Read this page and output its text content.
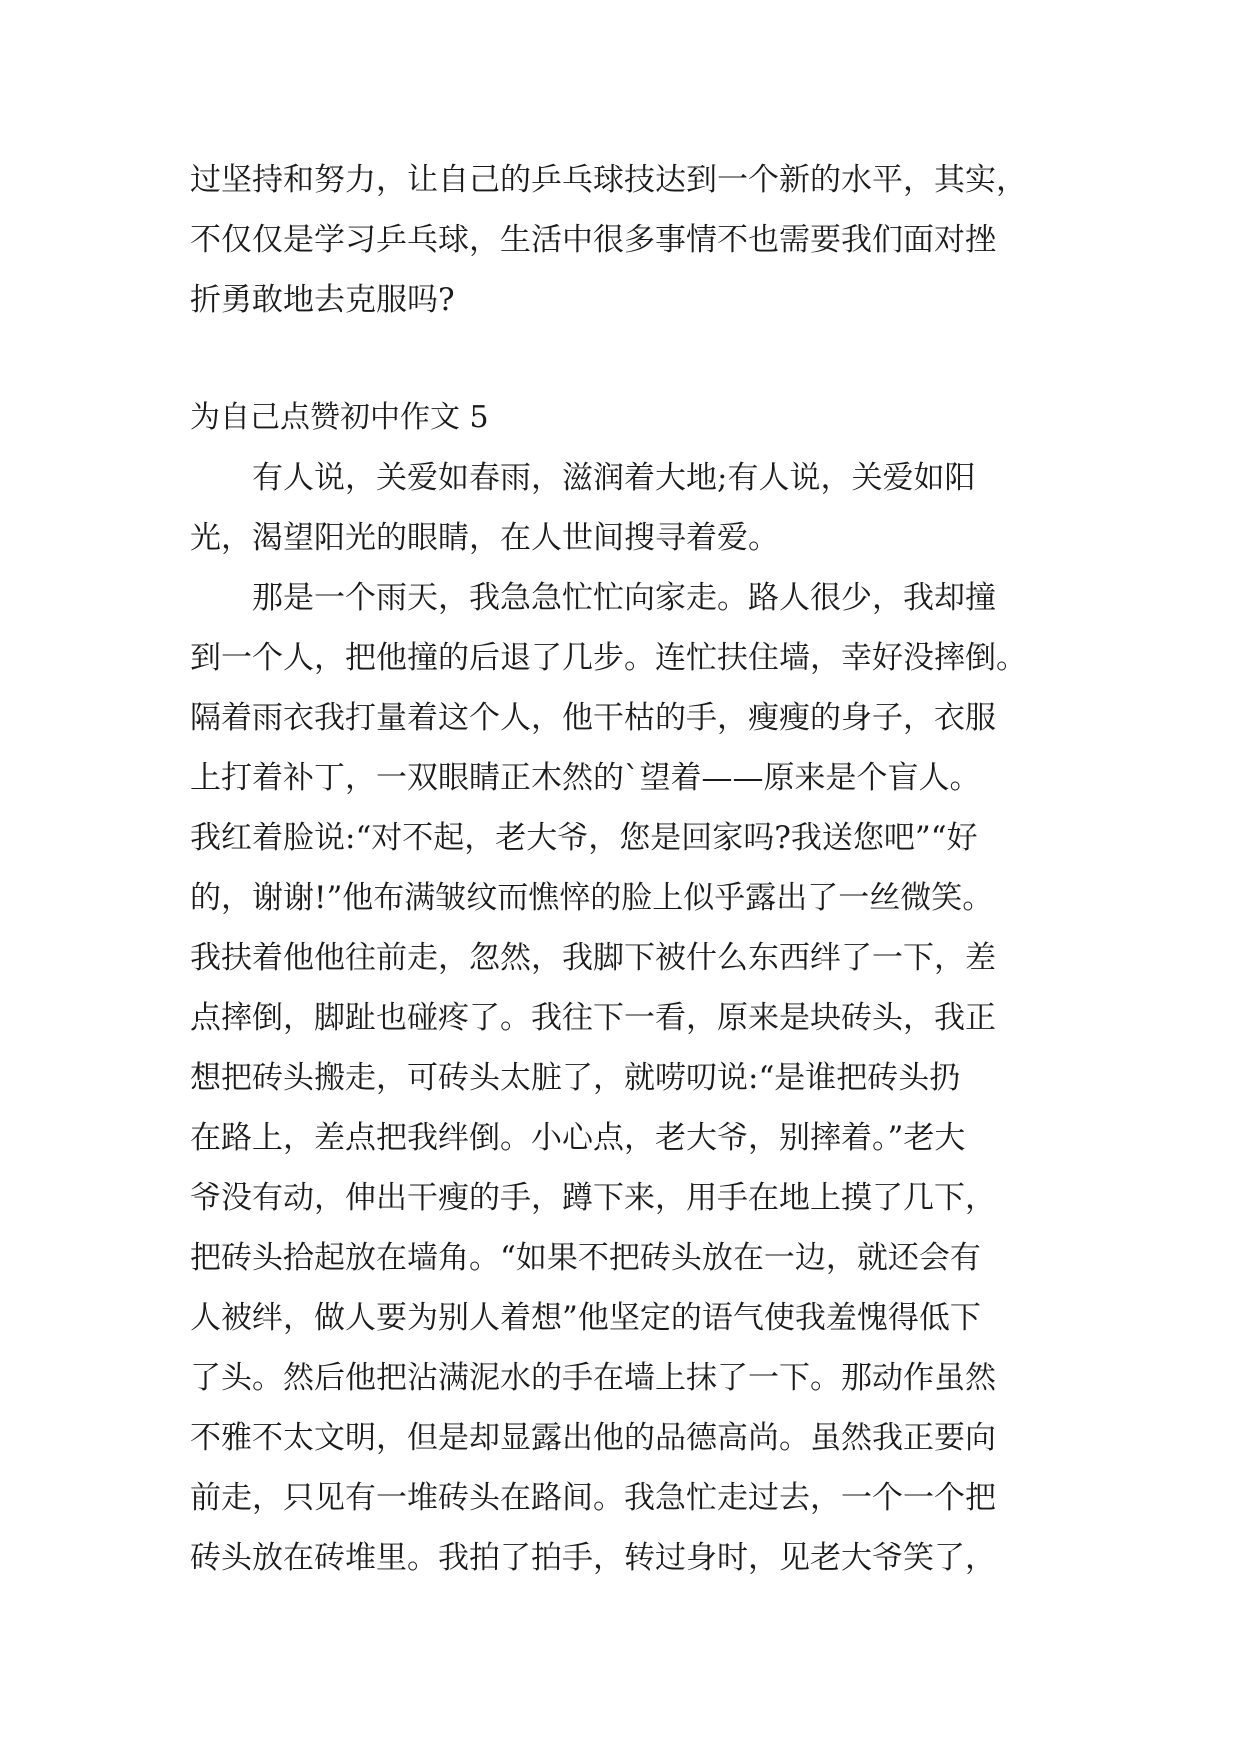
过坚持和努力，让自己的乒乓球技达到一个新的水平，其实，
不仅仅是学习乒乓球，生活中很多事情不也需要我们面对挫
折勇敢地去克服吗?
为自己点赞初中作文 5
　　有人说，关爱如春雨，滋润着大地;有人说，关爱如阳
光，渴望阳光的眼睛，在人世间搜寻着爱。
　　那是一个雨天，我急急忙忙向家走。路人很少，我却撞
到一个人，把他撞的后退了几步。连忙扶住墙，幸好没摔倒。
隔着雨衣我打量着这个人，他干枯的手，瘦瘦的身子，衣服
上打着补丁，一双眼睛正木然的`望着——原来是个盲人。
我红着脸说:“对不起，老大爷，您是回家吗?我送您吧”“好
的，谢谢!”他布满皱纹而憔悴的脸上似乎露出了一丝微笑。
我扶着他他往前走，忽然，我脚下被什么东西绊了一下，差
点摔倒，脚趾也碰疼了。我往下一看，原来是块砖头，我正
想把砖头搬走，可砖头太脏了，就唠叨说:“是谁把砖头扔
在路上，差点把我绊倒。小心点，老大爷，别摔着。”老大
爷没有动，伸出干瘦的手，蹲下来，用手在地上摸了几下，
把砖头拾起放在墙角。“如果不把砖头放在一边，就还会有
人被绊，做人要为别人着想”他坚定的语气使我羞愧得低下
了头。然后他把沾满泥水的手在墙上抹了一下。那动作虽然
不雅不太文明，但是却显露出他的品德高尚。虽然我正要向
前走，只见有一堆砖头在路间。我急忙走过去，一个一个把
砖头放在砖堆里。我拍了拍手，转过身时，见老大爷笑了，
